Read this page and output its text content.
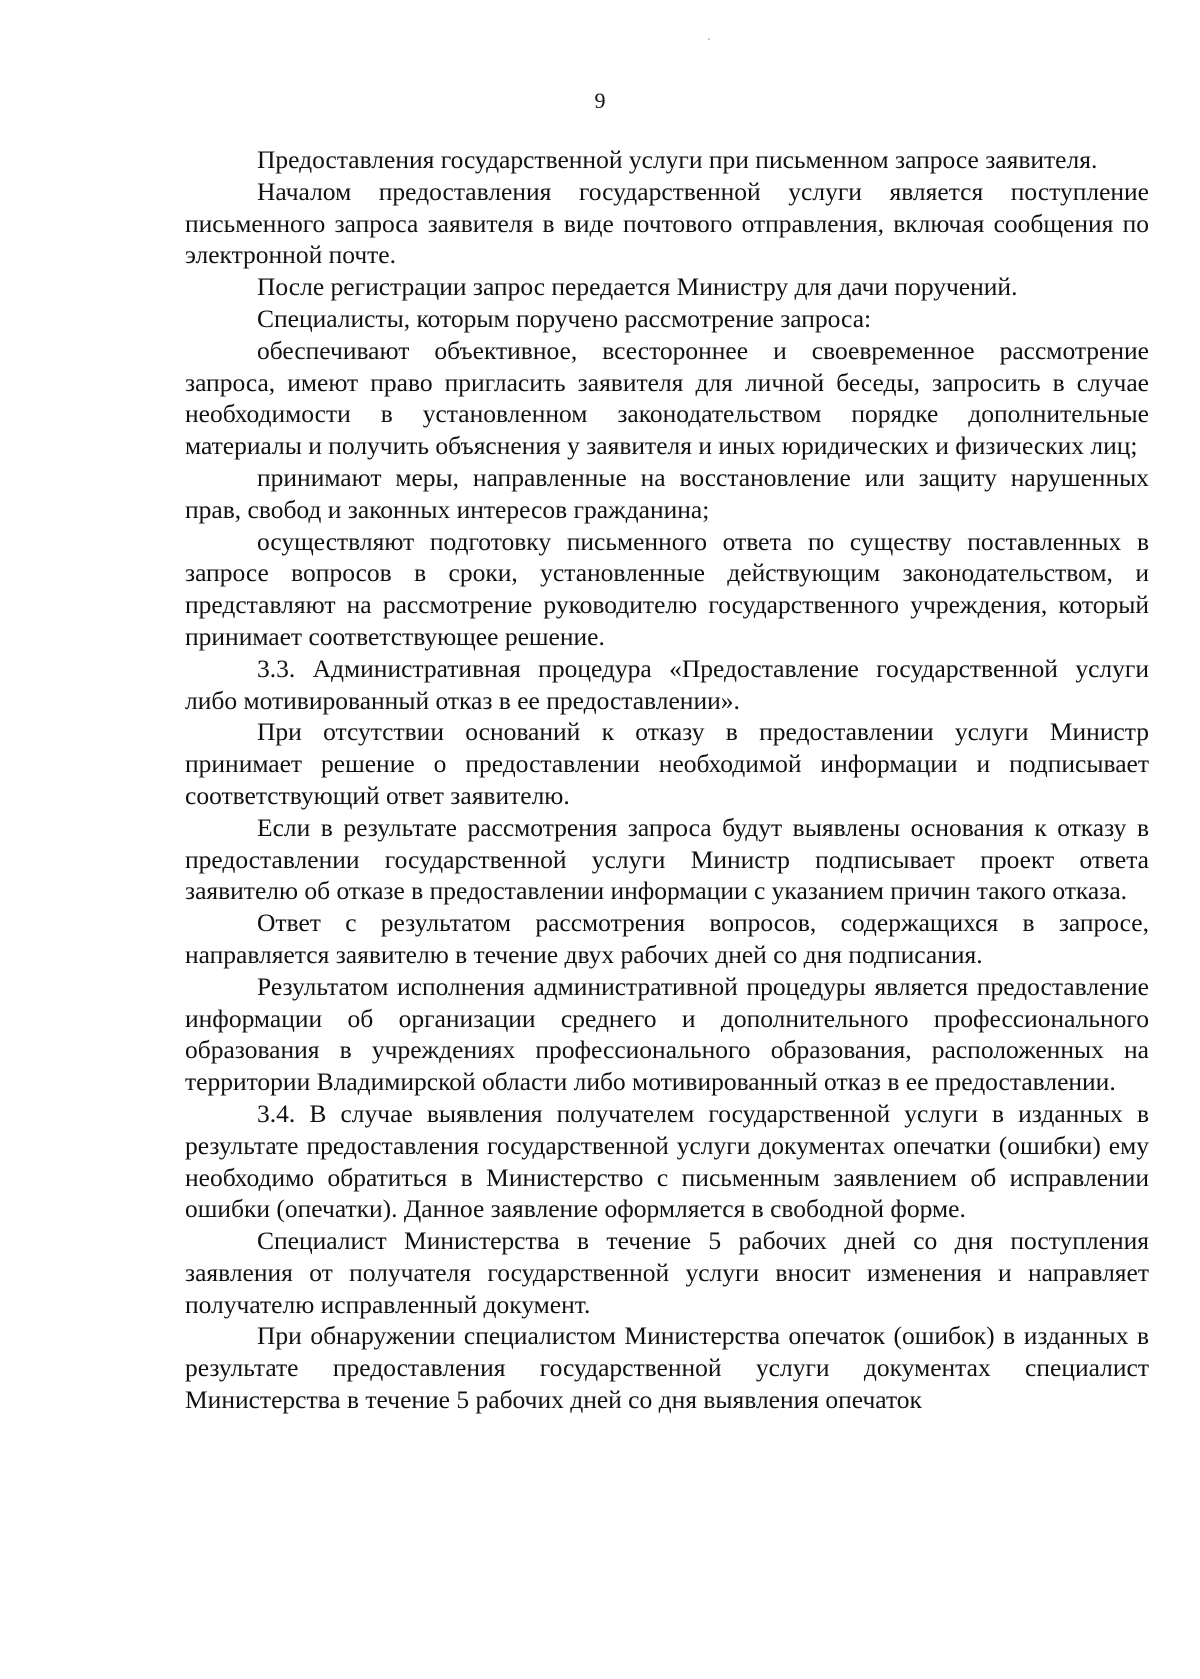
9

Предоставления государственной услуги при письменном запросе заявителя.

Началом предоставления государственной услуги является поступление письменного запроса заявителя в виде почтового отправления, включая сообщения по электронной почте.

После регистрации запрос передается Министру для дачи поручений.

Специалисты, которым поручено рассмотрение запроса:

обеспечивают объективное, всестороннее и своевременное рассмотрение запроса, имеют право пригласить заявителя для личной беседы, запросить в случае необходимости в установленном законодательством порядке дополнительные материалы и получить объяснения у заявителя и иных юридических и физических лиц;

принимают меры, направленные на восстановление или защиту нарушенных прав, свобод и законных интересов гражданина;

осуществляют подготовку письменного ответа по существу поставленных в запросе вопросов в сроки, установленные действующим законодательством, и представляют на рассмотрение руководителю государственного учреждения, который принимает соответствующее решение.

3.3. Административная процедура «Предоставление государственной услуги либо мотивированный отказ в ее предоставлении».

При отсутствии оснований к отказу в предоставлении услуги Министр принимает решение о предоставлении необходимой информации и подписывает соответствующий ответ заявителю.

Если в результате рассмотрения запроса будут выявлены основания к отказу в предоставлении государственной услуги Министр подписывает проект ответа заявителю об отказе в предоставлении информации с указанием причин такого отказа.

Ответ с результатом рассмотрения вопросов, содержащихся в запросе, направляется заявителю в течение двух рабочих дней со дня подписания.

Результатом исполнения административной процедуры является предоставление информации об организации среднего и дополнительного профессионального образования в учреждениях профессионального образования, расположенных на территории Владимирской области либо мотивированный отказ в ее предоставлении.

3.4. В случае выявления получателем государственной услуги в изданных в результате предоставления государственной услуги документах опечатки (ошибки) ему необходимо обратиться в Министерство с письменным заявлением об исправлении ошибки (опечатки). Данное заявление оформляется в свободной форме.

Специалист Министерства в течение 5 рабочих дней со дня поступления заявления от получателя государственной услуги вносит изменения и направляет получателю исправленный документ.

При обнаружении специалистом Министерства опечаток (ошибок) в изданных в результате предоставления государственной услуги документах специалист Министерства в течение 5 рабочих дней со дня выявления опечаток
